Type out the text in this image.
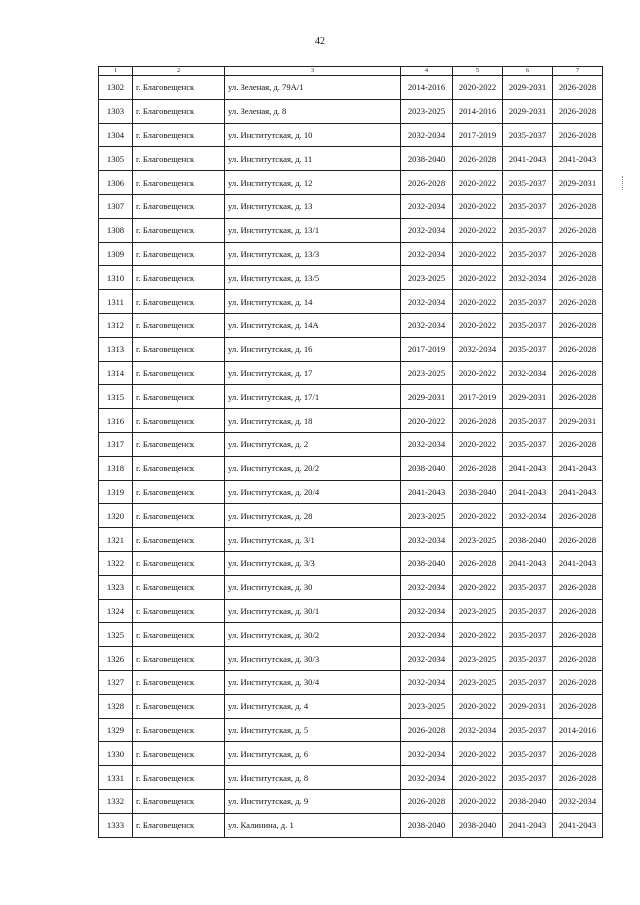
42
1	2	3	4	5	6	7
1302	г. Благовещенск	ул. Зеленая, д. 79А/1	2014-2016	2020-2022	2029-2031	2026-2028
1303	г. Благовещенск	ул. Зеленая, д. 8	2023-2025	2014-2016	2029-2031	2026-2028
1304	г. Благовещенск	ул. Институтская, д. 10	2032-2034	2017-2019	2035-2037	2026-2028
1305	г. Благовещенск	ул. Институтская, д. 11	2038-2040	2026-2028	2041-2043	2041-2043
1306	г. Благовещенск	ул. Институтская, д. 12	2026-2028	2020-2022	2035-2037	2029-2031
1307	г. Благовещенск	ул. Институтская, д. 13	2032-2034	2020-2022	2035-2037	2026-2028
1308	г. Благовещенск	ул. Институтская, д. 13/1	2032-2034	2020-2022	2035-2037	2026-2028
1309	г. Благовещенск	ул. Институтская, д. 13/3	2032-2034	2020-2022	2035-2037	2026-2028
1310	г. Благовещенск	ул. Институтская, д. 13/5	2023-2025	2020-2022	2032-2034	2026-2028
1311	г. Благовещенск	ул. Институтская, д. 14	2032-2034	2020-2022	2035-2037	2026-2028
1312	г. Благовещенск	ул. Институтская, д. 14А	2032-2034	2020-2022	2035-2037	2026-2028
1313	г. Благовещенск	ул. Институтская, д. 16	2017-2019	2032-2034	2035-2037	2026-2028
1314	г. Благовещенск	ул. Институтская, д. 17	2023-2025	2020-2022	2032-2034	2026-2028
1315	г. Благовещенск	ул. Институтская, д. 17/1	2029-2031	2017-2019	2029-2031	2026-2028
1316	г. Благовещенск	ул. Институтская, д. 18	2020-2022	2026-2028	2035-2037	2029-2031
1317	г. Благовещенск	ул. Институтская, д. 2	2032-2034	2020-2022	2035-2037	2026-2028
1318	г. Благовещенск	ул. Институтская, д. 20/2	2038-2040	2026-2028	2041-2043	2041-2043
1319	г. Благовещенск	ул. Институтская, д. 20/4	2041-2043	2038-2040	2041-2043	2041-2043
1320	г. Благовещенск	ул. Институтская, д. 28	2023-2025	2020-2022	2032-2034	2026-2028
1321	г. Благовещенск	ул. Институтская, д. 3/1	2032-2034	2023-2025	2038-2040	2026-2028
1322	г. Благовещенск	ул. Институтская, д. 3/3	2038-2040	2026-2028	2041-2043	2041-2043
1323	г. Благовещенск	ул. Институтская, д. 30	2032-2034	2020-2022	2035-2037	2026-2028
1324	г. Благовещенск	ул. Институтская, д. 30/1	2032-2034	2023-2025	2035-2037	2026-2028
1325	г. Благовещенск	ул. Институтская, д. 30/2	2032-2034	2020-2022	2035-2037	2026-2028
1326	г. Благовещенск	ул. Институтская, д. 30/3	2032-2034	2023-2025	2035-2037	2026-2028
1327	г. Благовещенск	ул. Институтская, д. 30/4	2032-2034	2023-2025	2035-2037	2026-2028
1328	г. Благовещенск	ул. Институтская, д. 4	2023-2025	2020-2022	2029-2031	2026-2028
1329	г. Благовещенск	ул. Институтская, д. 5	2026-2028	2032-2034	2035-2037	2014-2016
1330	г. Благовещенск	ул. Институтская, д. 6	2032-2034	2020-2022	2035-2037	2026-2028
1331	г. Благовещенск	ул. Институтская, д. 8	2032-2034	2020-2022	2035-2037	2026-2028
1332	г. Благовещенск	ул. Институтская, д. 9	2026-2028	2020-2022	2038-2040	2032-2034
1333	г. Благовещенск	ул. Калинина, д. 1	2038-2040	2038-2040	2041-2043	2041-2043
